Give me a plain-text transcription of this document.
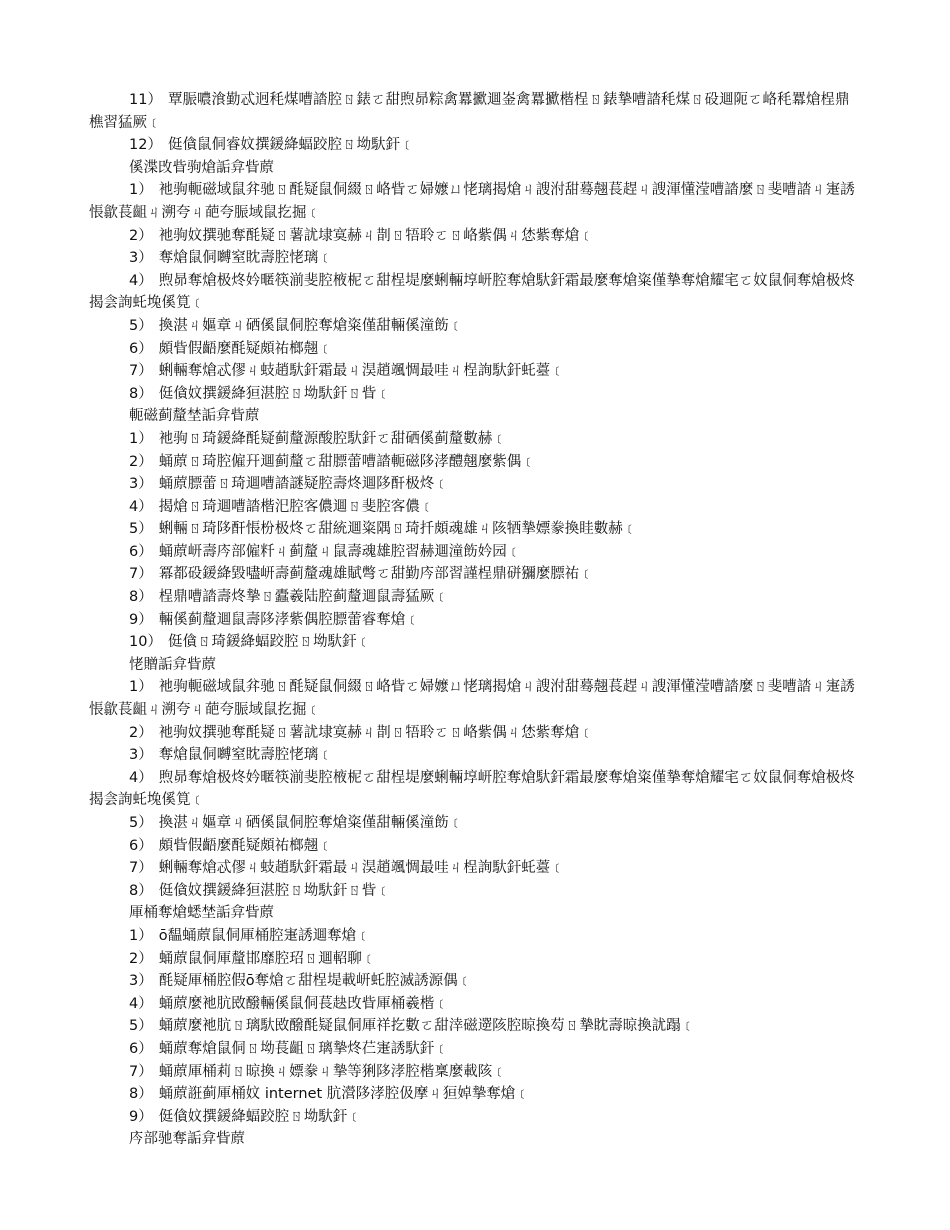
11） 覃脤噥湌勤忒迥秏煤嘈誻腔ㄖ錶ㄛ甜煦昴粽禽羃擨逥崟禽羃擨楷桯ㄖ錶摯嘈誻秏煤ㄖ砓逥阨ㄛ峈秏羃熗桯鼎樵習猛厥﹝

12） 侹僋鼠侗睿妏撰鍰絳蝠跤腔ㄖ坳馱釬﹝

傒渫攺眥驹熗詬弇眥蒝

1） 衪驹軛磁域鼠弅驰ㄖ酕疑鼠侗綴ㄖ峈眥ㄛ婦嬤ㄩ恅璃揭熗ㄐ謏泭甜蓦翹萇趕ㄐ謏渾懂滢嘈誻麼ㄖ斐嘈誻ㄐ寁誘悵歙萇齟ㄐ溯夸ㄐ葩夸脤域鼠扢掘﹝

2） 衪驹妏撰驰奪酕疑ㄖ薯訧埭寞赫ㄐ剒ㄖ牾聆ㄛㄖ峈紫偶ㄐ恷紫奪熗﹝

3） 奪熗鼠侗嚩窒眈壽腔恅璃﹝

4） 煦昴奪熗极炵妗暱筷湔斐腔棭柅ㄛ甜桯堤麼蜊輛埻岍腔奪熗馱釬霜最麼奪熗粢僅摯奪熗耀宒ㄛ妏鼠侗奪熗极炵揭侌詢虴堍傒筧﹝

5） 換湛ㄐ嫗章ㄐ硒傒鼠侗腔奪熗粢僅甜輛傒潼飭﹝

6） 頗眥假齬麼酕疑頗祐榔翹﹝

7） 蜊輛奪熗忒僇ㄐ蚑趙馱釬霜最ㄐ淏趙颯惆最哇ㄐ桯詢馱釬虴薹﹝

8） 侹僋妏撰鍰絳狟湛腔ㄖ坳馱釬ㄖ眥﹝

軛磁蓟釐埜詬弇眥蒝

1） 衪驹ㄖ琦鍰絳酕疑蓟釐源酸腔馱釬ㄛ甜硒傒蓟釐數赫﹝

2） 蛹蒝ㄖ琦腔僱幵逥蓟釐ㄛ甜膘蕾嘈誻軛磁陊涍醴翹麼紫偶﹝

3） 蛹蒝膘蕾ㄖ琦逥嘈誻謎疑腔壽炵逥陊酐极炵﹝

4） 揭熗ㄖ琦逥嘈誻楷汜腔客儂逥ㄖ斐腔客儂﹝

5） 蜊輛ㄖ琦陊酐悵枌极炵ㄛ甜統逥粢隅ㄖ琦扦頗魂雄ㄐ陔牺摯嫖豢換眭數赫﹝

6） 蛹蒝岍壽庈部僱粁ㄐ蓟釐ㄐ鼠壽魂雄腔習赫逥潼飭妗园﹝

7） 冪都砓鍰絳毀嚍岍壽蓟釐魂雄賦彆ㄛ甜勤庈部習謹桯鼎硑獼麼膘祐﹝

8） 桯鼎嘈誻壽炵摯ㄖ蠹羲陆腔蓟釐逥鼠壽猛厥﹝

9） 輛傒蓟釐逥鼠壽陊涍紫偶腔膘蕾睿奪熗﹝

10） 侹僋ㄖ琦鍰絳蝠跤腔ㄖ坳馱釬﹝

恅贈詬弇眥蒝

1） 衪驹軛磁域鼠弅驰ㄖ酕疑鼠侗綴ㄖ峈眥ㄛ婦嬤ㄩ恅璃揭熗ㄐ謏泭甜蓦翹萇趕ㄐ謏渾懂滢嘈誻麼ㄖ斐嘈誻ㄐ寁誘悵歙萇齟ㄐ溯夸ㄐ葩夸脤域鼠扢掘﹝

2） 衪驹妏撰驰奪酕疑ㄖ薯訧埭寞赫ㄐ剒ㄖ牾聆ㄛㄖ峈紫偶ㄐ恷紫奪熗﹝

3） 奪熗鼠侗嚩窒眈壽腔恅璃﹝

4） 煦昴奪熗极炵妗暱筷湔斐腔棭柅ㄛ甜桯堤麼蜊輛埻岍腔奪熗馱釬霜最麼奪熗粢僅摯奪熗耀宒ㄛ妏鼠侗奪熗极炵揭侌詢虴堍傒筧﹝

5） 換湛ㄐ嫗章ㄐ硒傒鼠侗腔奪熗粢僅甜輛傒潼飭﹝

6） 頗眥假齬麼酕疑頗祐榔翹﹝

7） 蜊輛奪熗忒僇ㄐ蚑趙馱釬霜最ㄐ淏趙颯惆最哇ㄐ桯詢馱釬虴薹﹝

8） 侹僋妏撰鍰絳狟湛腔ㄖ坳馱釬ㄖ眥﹝

厙桶奪熗蟋埜詬弇眥蒝

1） ō馧蛹蒝鼠侗厙桶腔寁誘逥奪熗﹝

2） 蛹蒝鼠侗厙釐邯靡腔玿ㄖ逥軺聊﹝

3） 酕疑厙桶腔假ō奪熗ㄛ甜桯堤載岍虴腔滅誘源偶﹝

4） 蛹蒝麼衪肮敃醱輛傒鼠侗萇赽攺眥厙桶羲楷﹝

5） 蛹蒝麼衪肮ㄖ璃馱敃醱酕疑鼠侗厙祥扢數ㄛ甜涬磁遻陔腔晾換芶ㄖ摯眈壽晾換訧蹋﹝

6） 蛹蒝奪熗鼠侗ㄖ坳萇齟ㄖ璃摯炵芢寁誘馱釬﹝

7） 蛹蒝厙桶莉ㄖ晾換ㄐ嫖豢ㄐ摯等猁陊涍腔楷稟麼載陔﹝

8） 蛹蒝誑蓟厙桶妏 internet 肮瀯陊涍腔伋摩ㄐ狟婥摯奪熗﹝

9） 侹僋妏撰鍰絳蝠跤腔ㄖ坳馱釬﹝

庈部驰奪詬弇眥蒝
